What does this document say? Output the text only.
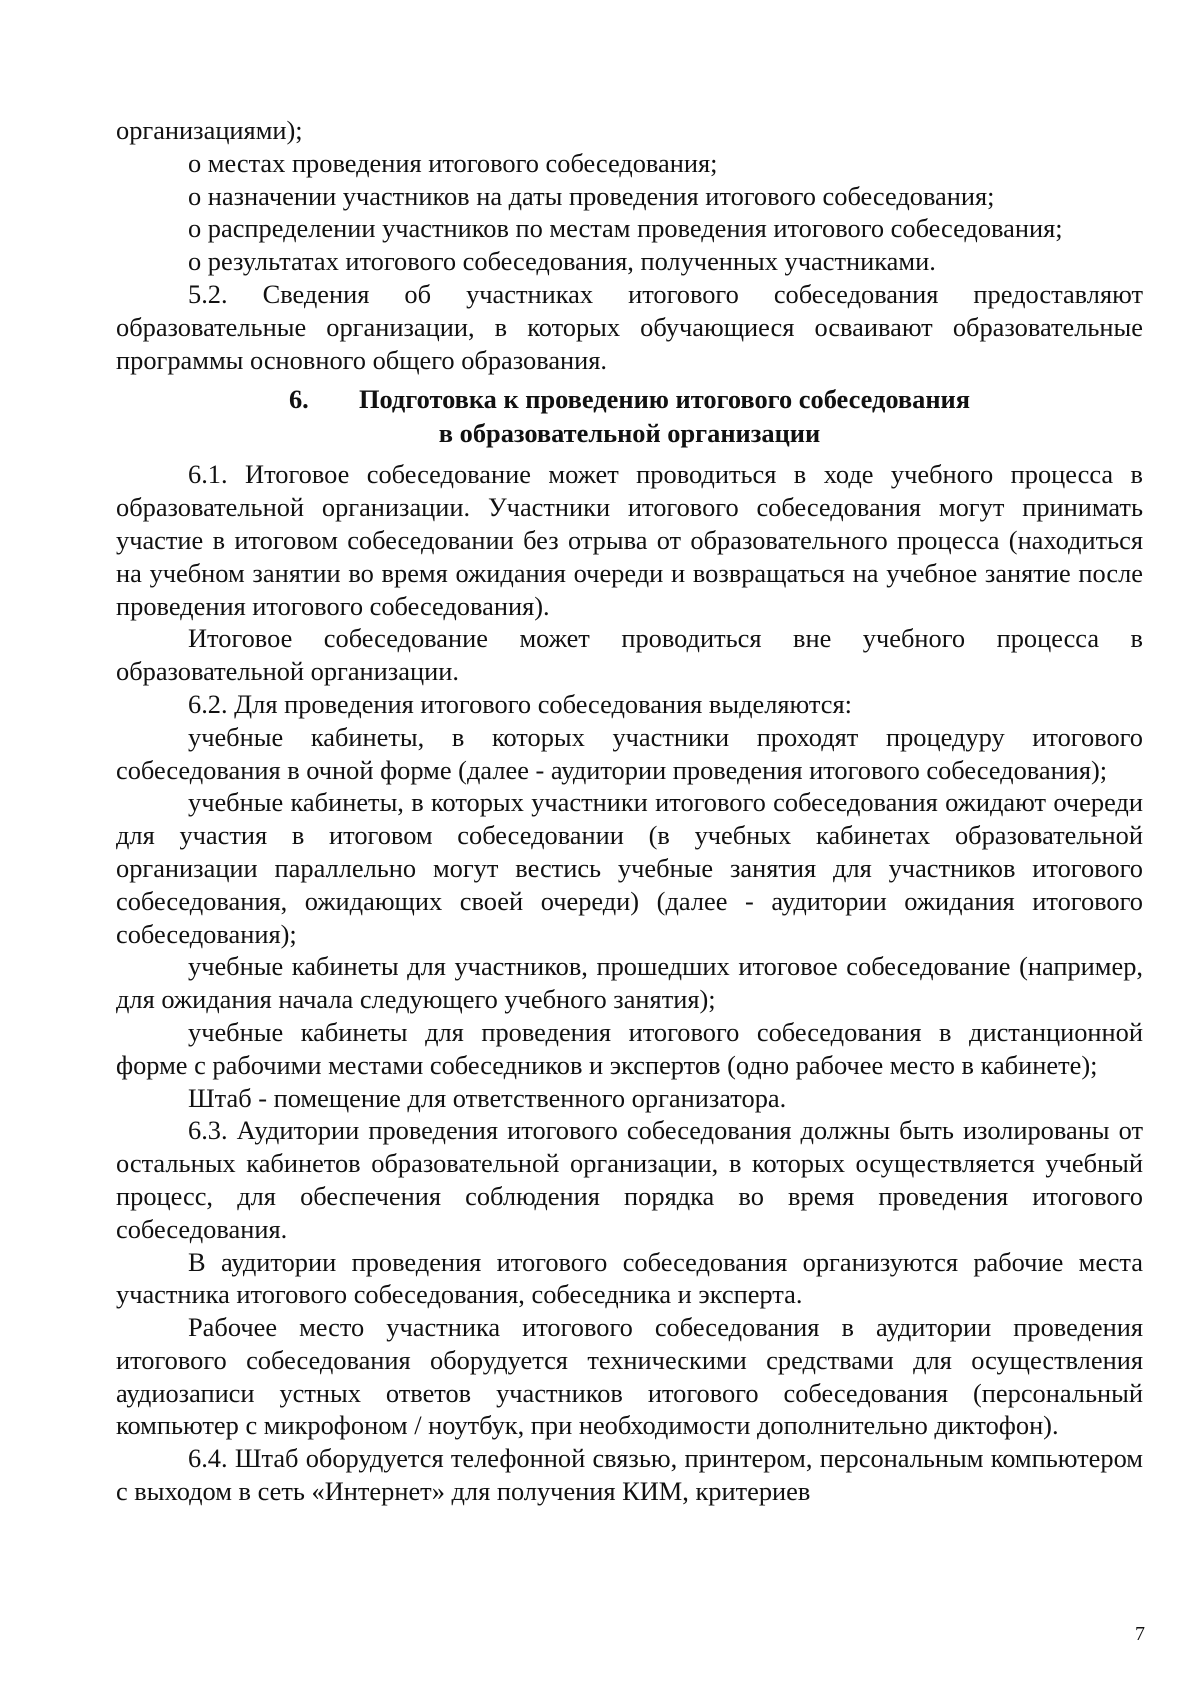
организациями);

о местах проведения итогового собеседования;

о назначении участников на даты проведения итогового собеседования;

о распределении участников по местам проведения итогового собеседования;

о результатах итогового собеседования, полученных участниками.

5.2. Сведения об участниках итогового собеседования предоставляют образовательные организации, в которых обучающиеся осваивают образовательные программы основного общего образования.

6. Подготовка к проведению итогового собеседования
в образовательной организации

6.1. Итоговое собеседование может проводиться в ходе учебного процесса в образовательной организации. Участники итогового собеседования могут принимать участие в итоговом собеседовании без отрыва от образовательного процесса (находиться на учебном занятии во время ожидания очереди и возвращаться на учебное занятие после проведения итогового собеседования).

Итоговое собеседование может проводиться вне учебного процесса в образовательной организации.

6.2. Для проведения итогового собеседования выделяются:

учебные кабинеты, в которых участники проходят процедуру итогового собеседования в очной форме (далее - аудитории проведения итогового собеседования);

учебные кабинеты, в которых участники итогового собеседования ожидают очереди для участия в итоговом собеседовании (в учебных кабинетах образовательной организации параллельно могут вестись учебные занятия для участников итогового собеседования, ожидающих своей очереди) (далее - аудитории ожидания итогового собеседования);

учебные кабинеты для участников, прошедших итоговое собеседование (например, для ожидания начала следующего учебного занятия);

учебные кабинеты для проведения итогового собеседования в дистанционной форме с рабочими местами собеседников и экспертов (одно рабочее место в кабинете);

Штаб - помещение для ответственного организатора.

6.3. Аудитории проведения итогового собеседования должны быть изолированы от остальных кабинетов образовательной организации, в которых осуществляется учебный процесс, для обеспечения соблюдения порядка во время проведения итогового собеседования.

В аудитории проведения итогового собеседования организуются рабочие места участника итогового собеседования, собеседника и эксперта.

Рабочее место участника итогового собеседования в аудитории проведения итогового собеседования оборудуется техническими средствами для осуществления аудиозаписи устных ответов участников итогового собеседования (персональный компьютер с микрофоном / ноутбук, при необходимости дополнительно диктофон).

6.4. Штаб оборудуется телефонной связью, принтером, персональным компьютером с выходом в сеть «Интернет» для получения КИМ, критериев

7
